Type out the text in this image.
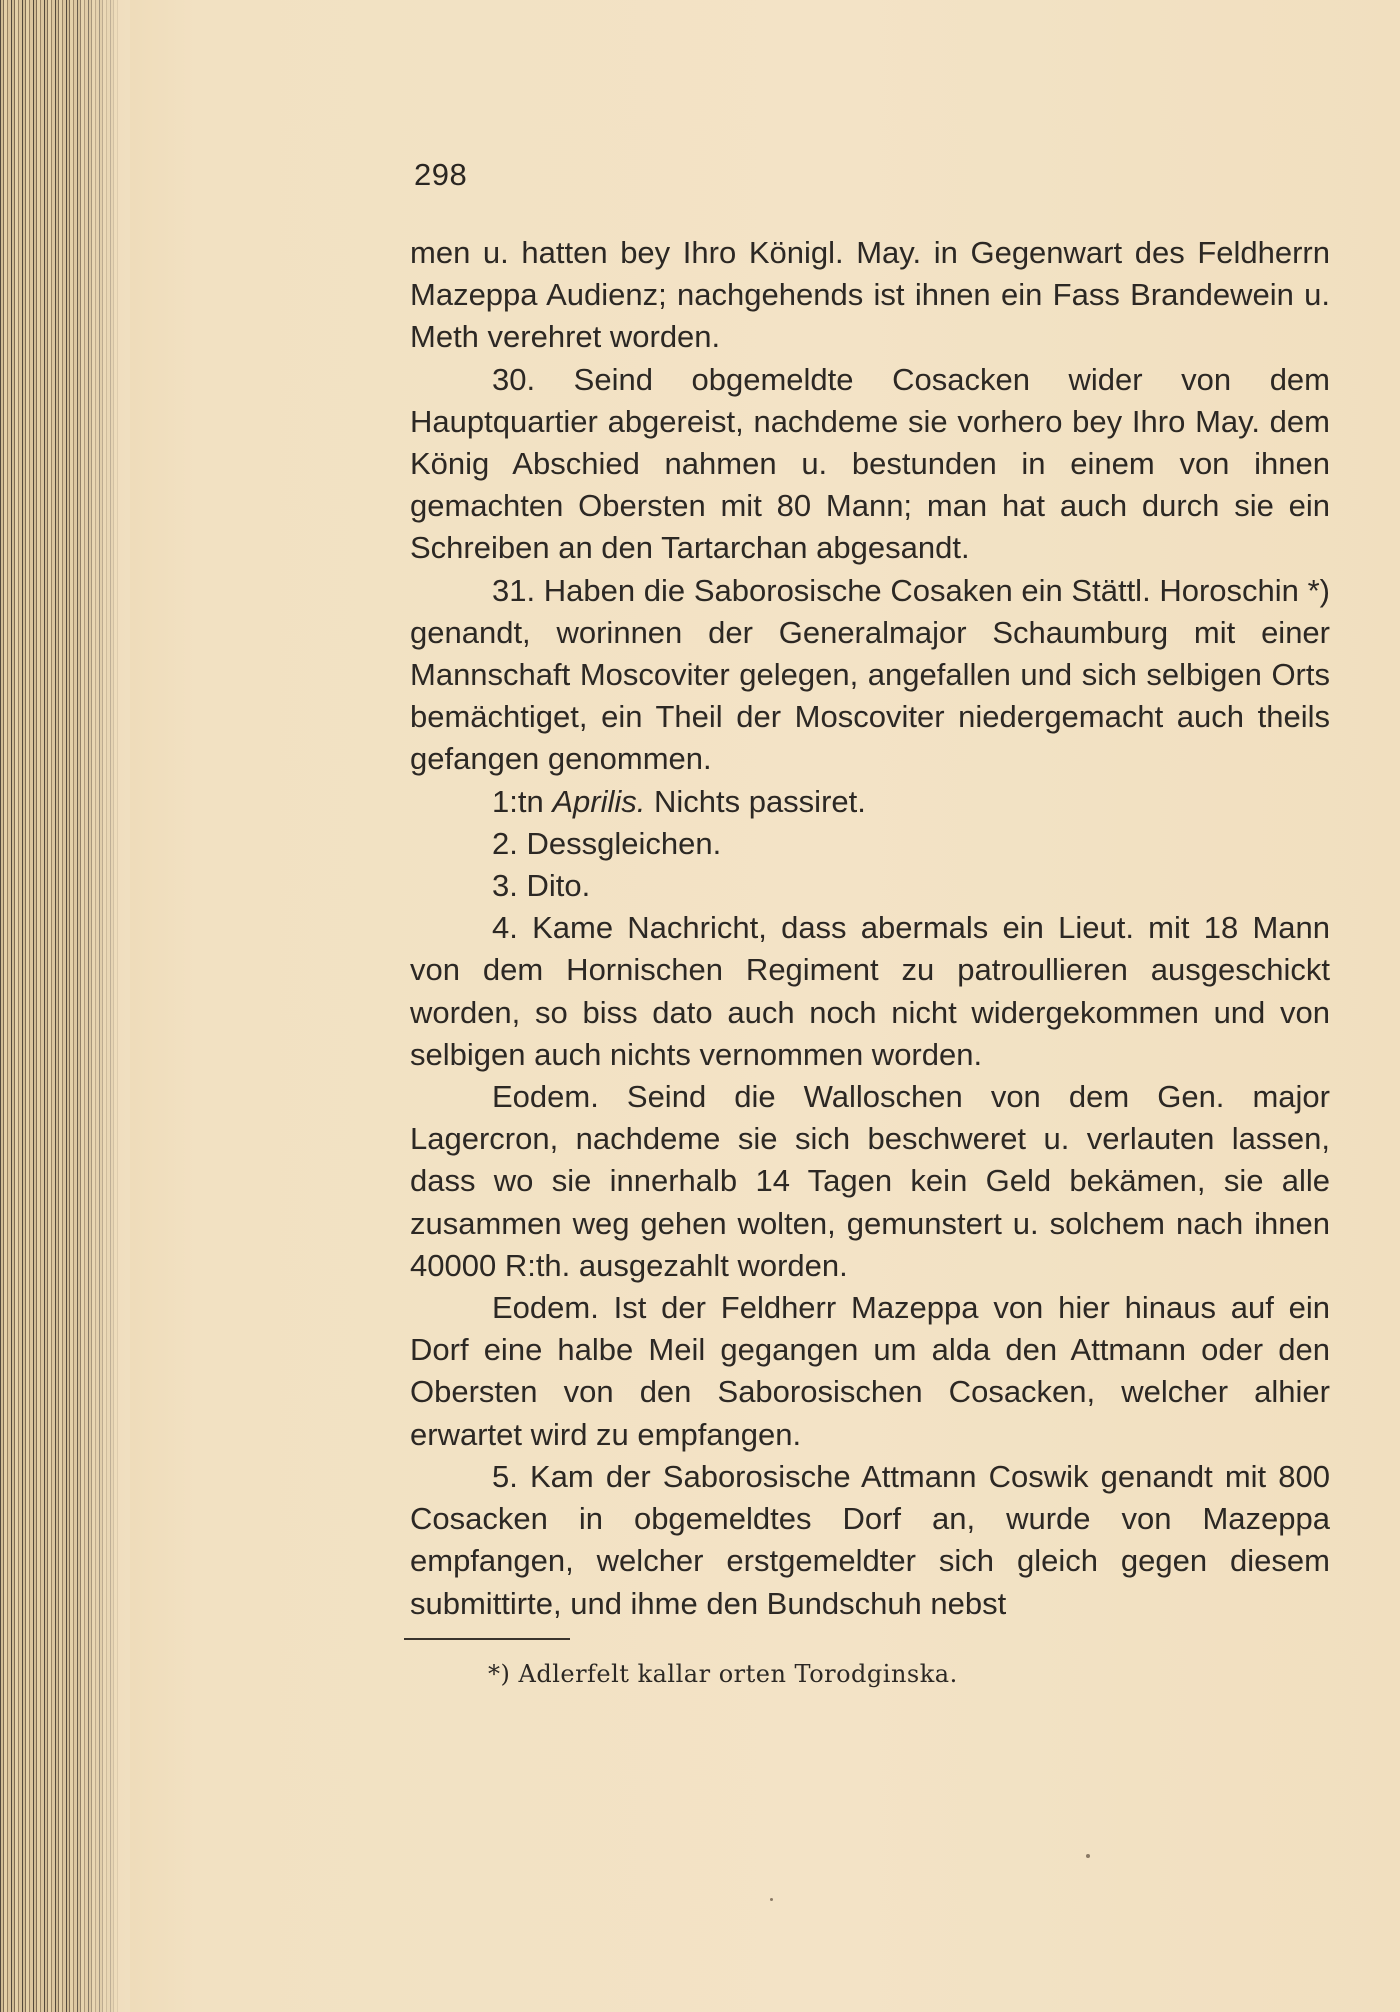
298

men u. hatten bey Ihro Königl. May. in Gegenwart des Feldherrn Mazeppa Audienz; nachgehends ist ihnen ein Fass Brandewein u. Meth verehret worden.

30. Seind obgemeldte Cosacken wider von dem Hauptquartier abgereist, nachdeme sie vorhero bey Ihro May. dem König Abschied nahmen u. bestunden in einem von ihnen gemachten Obersten mit 80 Mann; man hat auch durch sie ein Schreiben an den Tartarchan abgesandt.

31. Haben die Saborosische Cosaken ein Stättl. Horoschin *) genandt, worinnen der Generalmajor Schaumburg mit einer Mannschaft Moscoviter gelegen, angefallen und sich selbigen Orts bemächtiget, ein Theil der Moscoviter niedergemacht auch theils gefangen genommen.

1:tn Aprilis. Nichts passiret.

2. Dessgleichen.

3. Dito.

4. Kame Nachricht, dass abermals ein Lieut. mit 18 Mann von dem Hornischen Regiment zu patroullieren ausgeschickt worden, so biss dato auch noch nicht widergekommen und von selbigen auch nichts vernommen worden.

Eodem. Seind die Walloschen von dem Gen. major Lagercron, nachdeme sie sich beschweret u. verlauten lassen, dass wo sie innerhalb 14 Tagen kein Geld bekämen, sie alle zusammen weg gehen wolten, gemunstert u. solchem nach ihnen 40000 R:th. ausgezahlt worden.

Eodem. Ist der Feldherr Mazeppa von hier hinaus auf ein Dorf eine halbe Meil gegangen um alda den Attmann oder den Obersten von den Saborosischen Cosacken, welcher alhier erwartet wird zu empfangen.

5. Kam der Saborosische Attmann Coswik genandt mit 800 Cosacken in obgemeldtes Dorf an, wurde von Mazeppa empfangen, welcher erstgemeldter sich gleich gegen diesem submittirte, und ihme den Bundschuh nebst

*) Adlerfelt kallar orten Torodginska.
